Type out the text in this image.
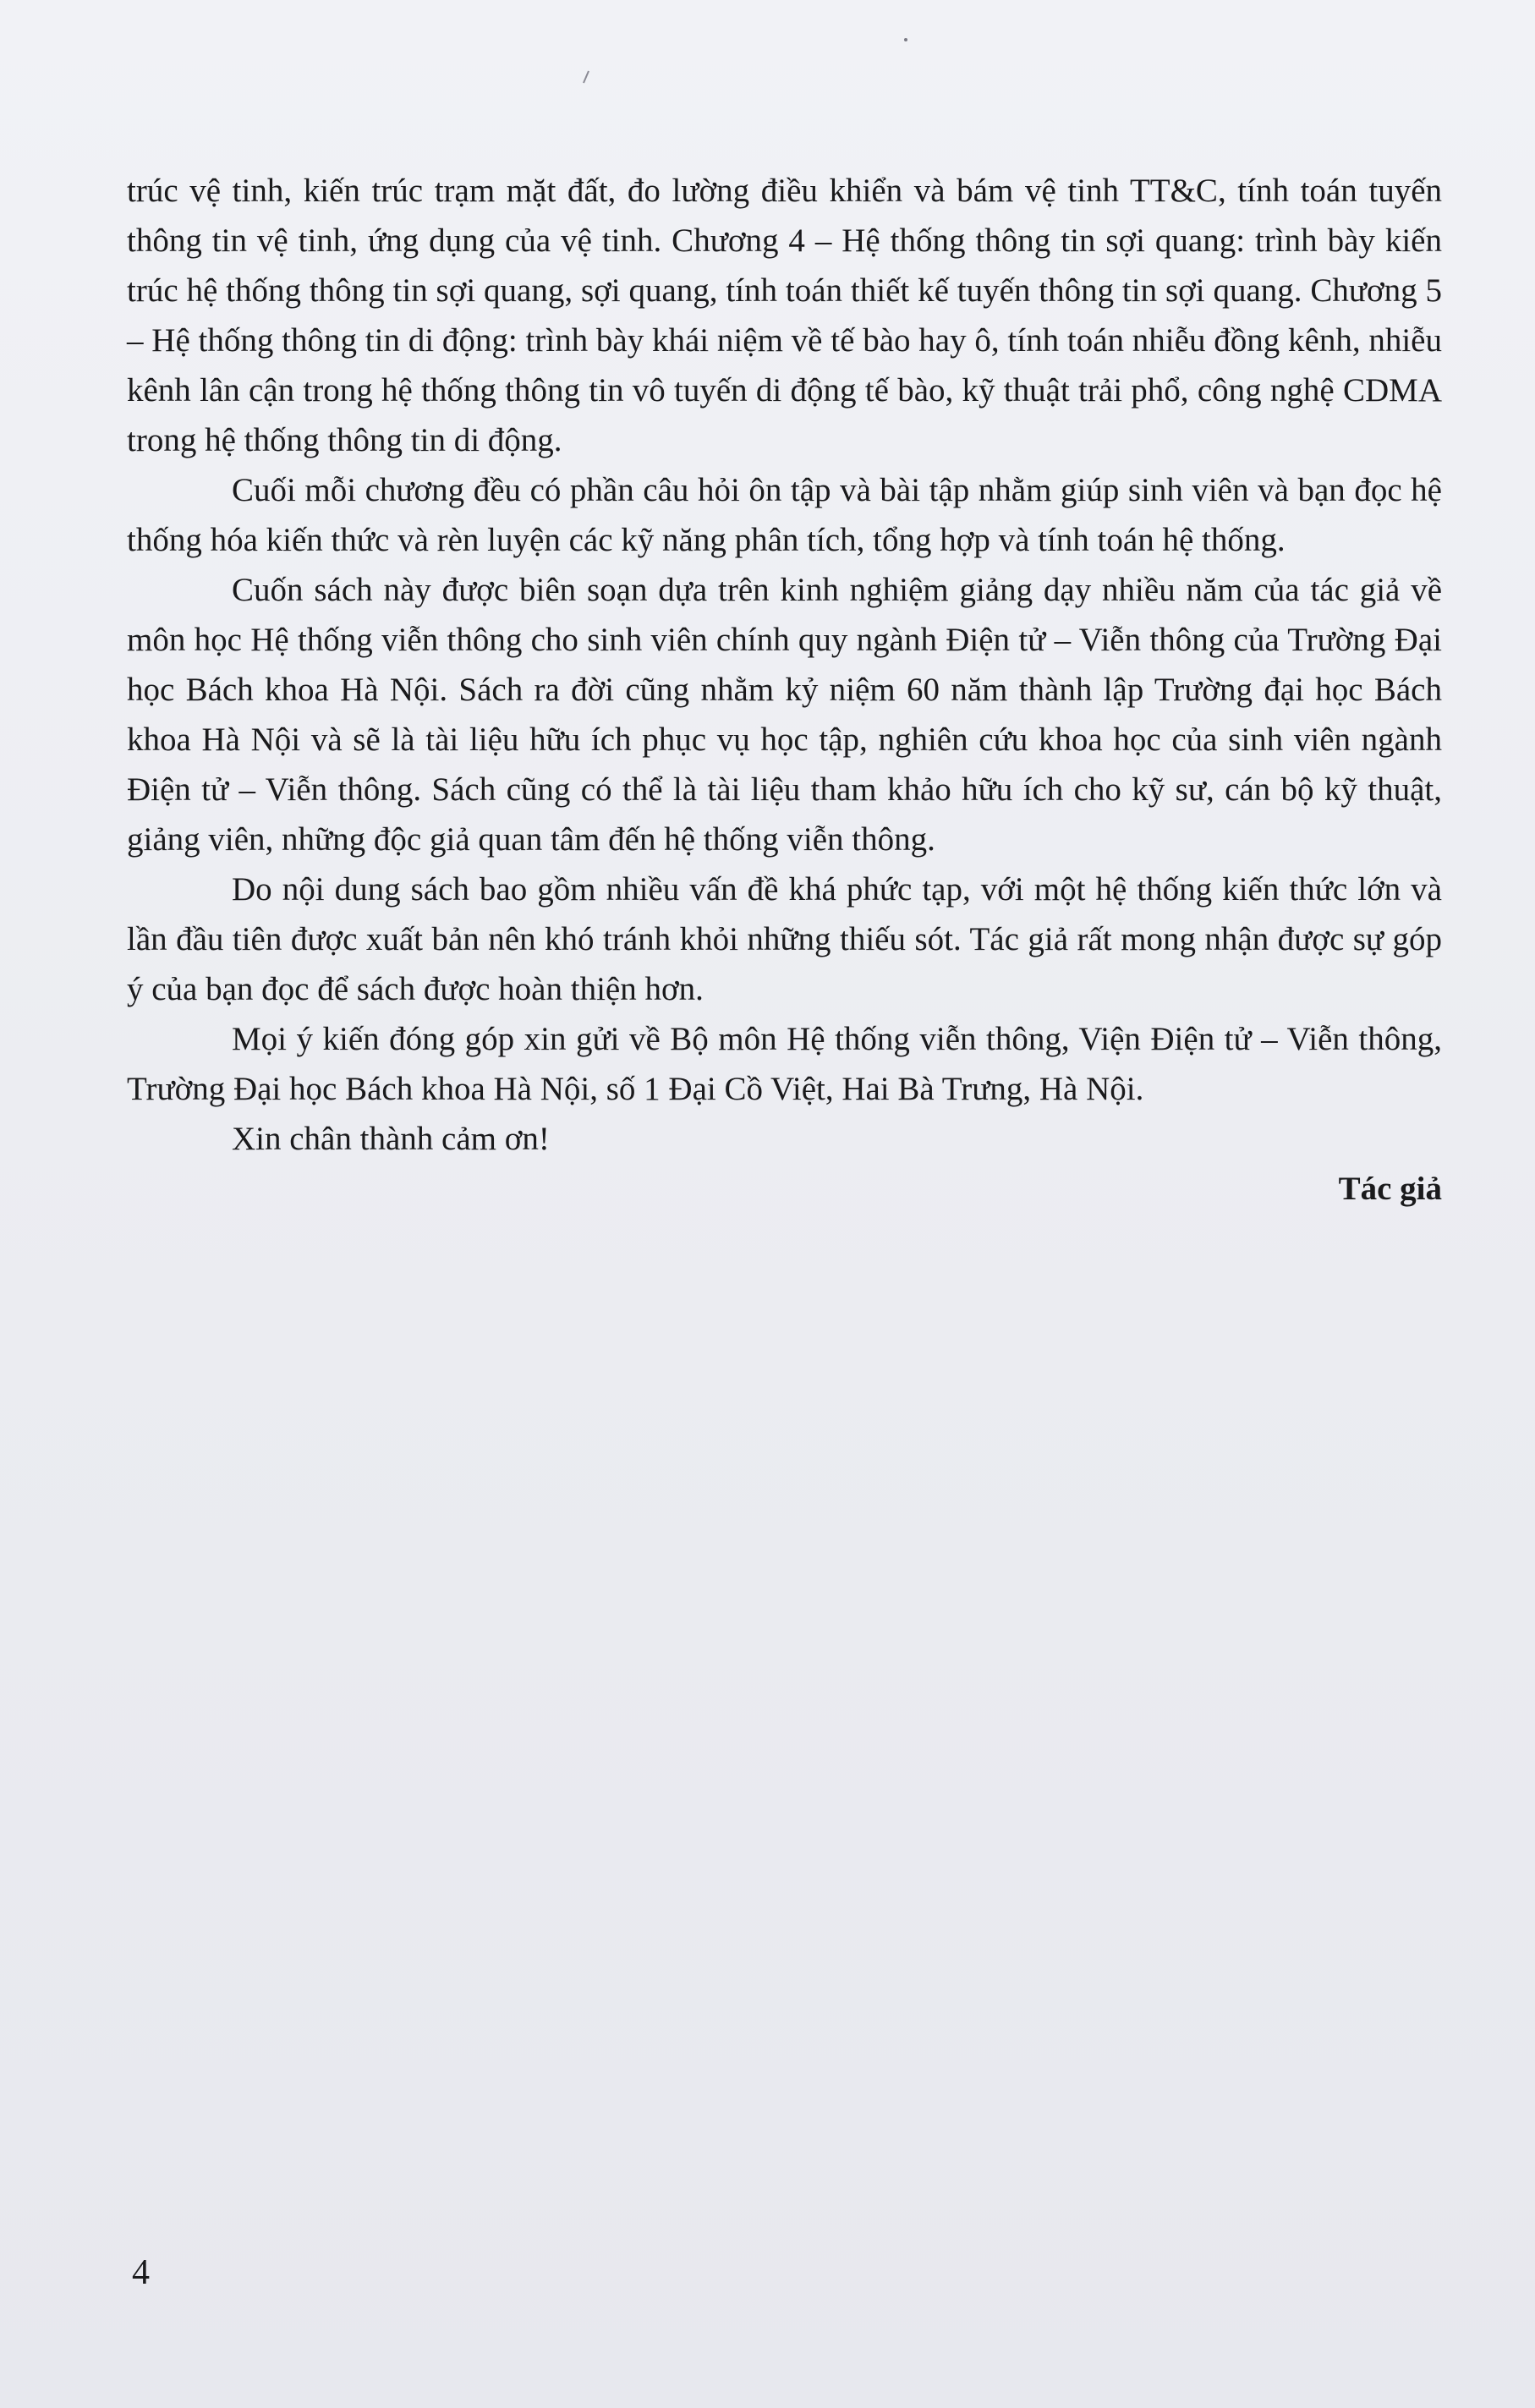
trúc vệ tinh, kiến trúc trạm mặt đất, đo lường điều khiển và bám vệ tinh TT&C, tính toán tuyến thông tin vệ tinh, ứng dụng của vệ tinh. Chương 4 – Hệ thống thông tin sợi quang: trình bày kiến trúc hệ thống thông tin sợi quang, sợi quang, tính toán thiết kế tuyến thông tin sợi quang. Chương 5 – Hệ thống thông tin di động: trình bày khái niệm về tế bào hay ô, tính toán nhiễu đồng kênh, nhiễu kênh lân cận trong hệ thống thông tin vô tuyến di động tế bào, kỹ thuật trải phổ, công nghệ CDMA trong hệ thống thông tin di động.

Cuối mỗi chương đều có phần câu hỏi ôn tập và bài tập nhằm giúp sinh viên và bạn đọc hệ thống hóa kiến thức và rèn luyện các kỹ năng phân tích, tổng hợp và tính toán hệ thống.

Cuốn sách này được biên soạn dựa trên kinh nghiệm giảng dạy nhiều năm của tác giả về môn học Hệ thống viễn thông cho sinh viên chính quy ngành Điện tử – Viễn thông của Trường Đại học Bách khoa Hà Nội. Sách ra đời cũng nhằm kỷ niệm 60 năm thành lập Trường đại học Bách khoa Hà Nội và sẽ là tài liệu hữu ích phục vụ học tập, nghiên cứu khoa học của sinh viên ngành Điện tử – Viễn thông. Sách cũng có thể là tài liệu tham khảo hữu ích cho kỹ sư, cán bộ kỹ thuật, giảng viên, những độc giả quan tâm đến hệ thống viễn thông.

Do nội dung sách bao gồm nhiều vấn đề khá phức tạp, với một hệ thống kiến thức lớn và lần đầu tiên được xuất bản nên khó tránh khỏi những thiếu sót. Tác giả rất mong nhận được sự góp ý của bạn đọc để sách được hoàn thiện hơn.

Mọi ý kiến đóng góp xin gửi về Bộ môn Hệ thống viễn thông, Viện Điện tử – Viễn thông, Trường Đại học Bách khoa Hà Nội, số 1 Đại Cồ Việt, Hai Bà Trưng, Hà Nội.

Xin chân thành cảm ơn!

Tác giả

4
